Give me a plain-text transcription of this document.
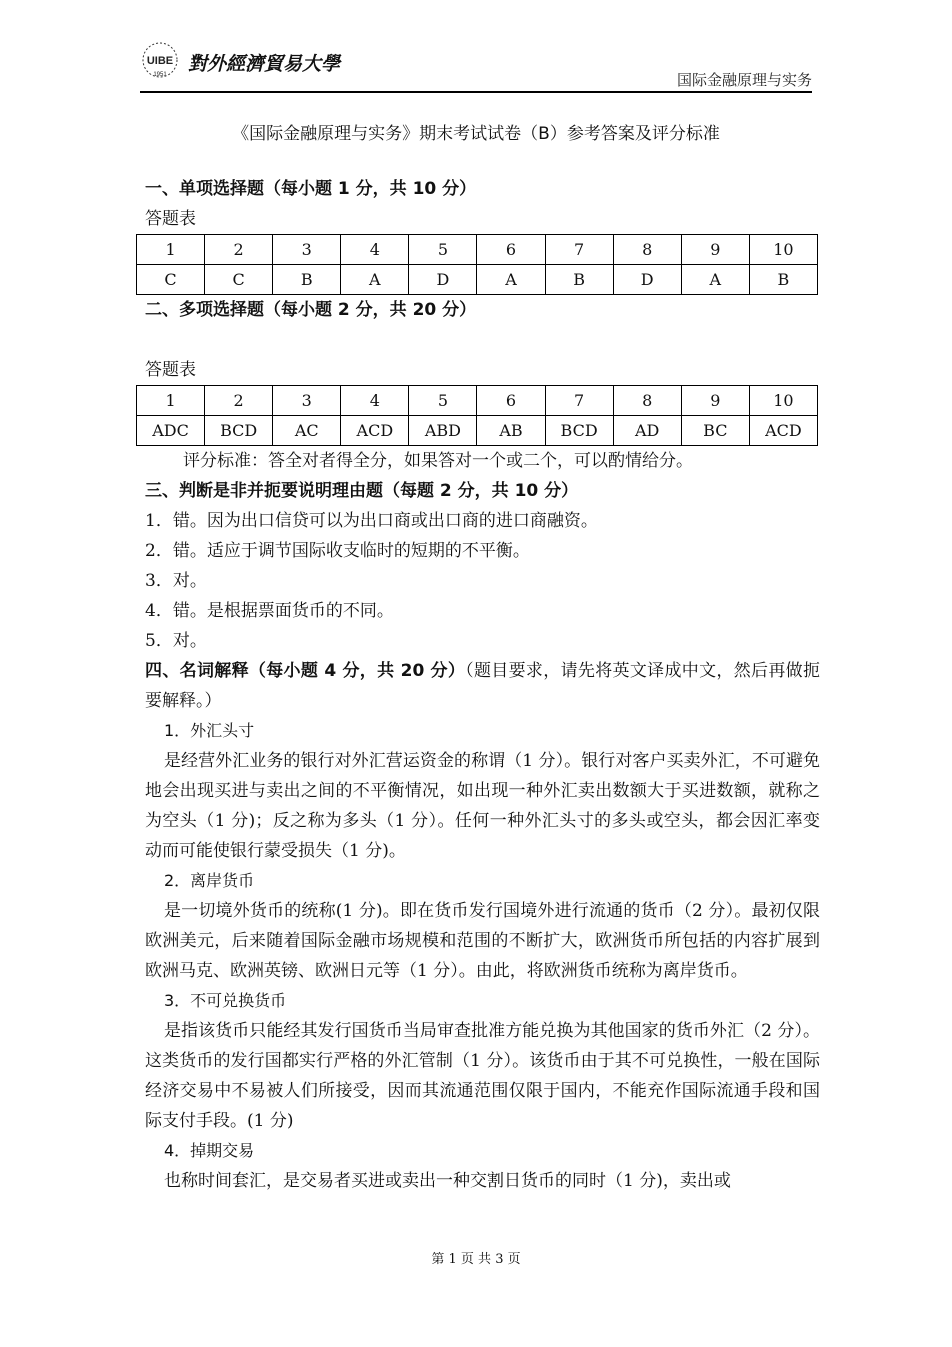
UIBE
1951 對外經濟貿易大學
国际金融原理与实务
《国际金融原理与实务》期末考试试卷（B）参考答案及评分标准
一、单项选择题（每小题 1 分，共 10 分）
答题表
1	2	3	4	5	6	7	8	9	10
C	C	B	A	D	A	B	D	A	B
二、多项选择题（每小题 2 分，共 20 分）
答题表
1	2	3	4	5	6	7	8	9	10
ADC	BCD	AC	ACD	ABD	AB	BCD	AD	BC	ACD
评分标准：答全对者得全分，如果答对一个或二个，可以酌情给分。
三、判断是非并扼要说明理由题（每题 2 分，共 10 分）
1．错。因为出口信贷可以为出口商或出口商的进口商融资。
2．错。适应于调节国际收支临时的短期的不平衡。
3．对。
4．错。是根据票面货币的不同。
5．对。
四、名词解释（每小题 4 分，共 20 分）（题目要求，请先将英文译成中文，然后再做扼要解释。）
1．外汇头寸
是经营外汇业务的银行对外汇营运资金的称谓（1 分）。银行对客户买卖外汇，不可避免地会出现买进与卖出之间的不平衡情况，如出现一种外汇卖出数额大于买进数额，就称之为空头（1 分)；反之称为多头（1 分）。任何一种外汇头寸的多头或空头，都会因汇率变动而可能使银行蒙受损失（1 分)。
2．离岸货币
是一切境外货币的统称(1 分)。即在货币发行国境外进行流通的货币（2 分）。最初仅限欧洲美元，后来随着国际金融市场规模和范围的不断扩大，欧洲货币所包括的内容扩展到欧洲马克、欧洲英镑、欧洲日元等（1 分）。由此，将欧洲货币统称为离岸货币。
3．不可兑换货币
是指该货币只能经其发行国货币当局审查批准方能兑换为其他国家的货币外汇（2 分）。这类货币的发行国都实行严格的外汇管制（1 分）。该货币由于其不可兑换性，一般在国际经济交易中不易被人们所接受，因而其流通范围仅限于国内，不能充作国际流通手段和国际支付手段。(1 分)
4．掉期交易
也称时间套汇，是交易者买进或卖出一种交割日货币的同时（1 分)，卖出或
第 1 页 共 3 页
